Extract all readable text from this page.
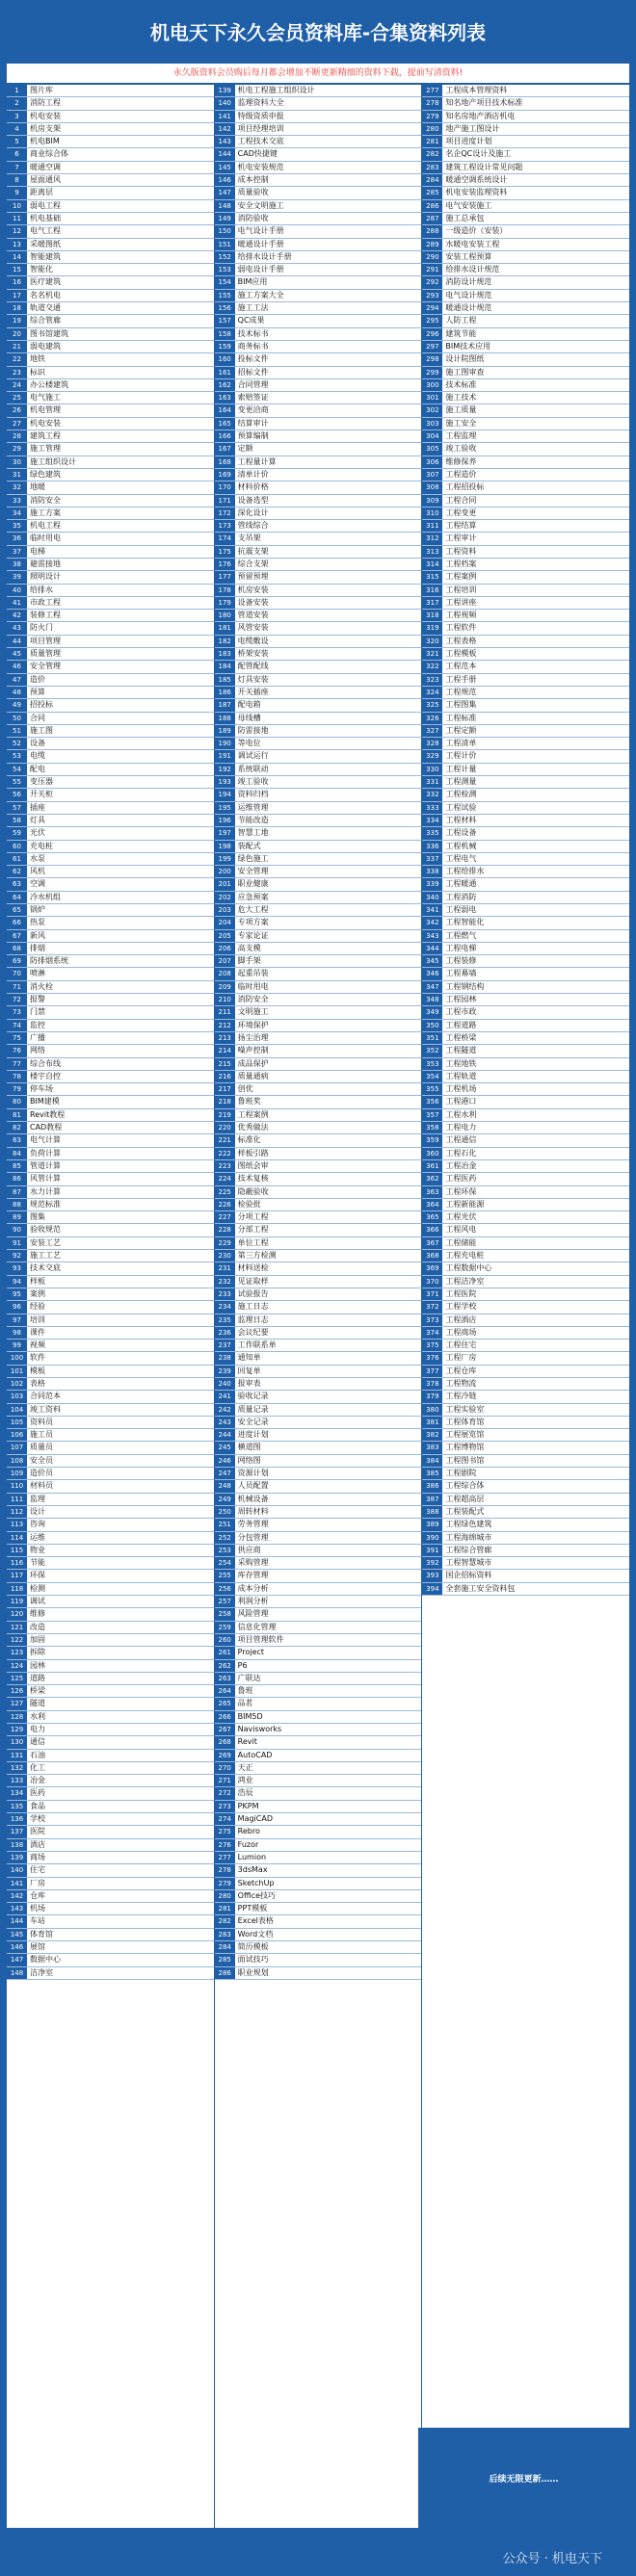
机电天下永久会员资料库-合集资料列表
永久版资料会员购后每月都会增加不断更新精细的资料下载，提前写清资料!
1	图片库
2	消防工程
3	机电安装
4	机房支架
5	机电BIM
6	商业综合体
7	暖通空调
8	屋面通风
9	距离层
10	弱电工程
11	机电基础
12	电气工程
13	采暖图纸
14	智能建筑
15	智能化
16	医疗建筑
17	名名机电
18	轨道交通
19	综合管廊
20	图书馆建筑
21	弱电建筑
22	地铁
23	标识
24	办公楼建筑
25	电气施工
26	机电管理
27	机电安装
28	建筑工程
29	施工管理
30	施工组织设计
31	绿色建筑
32	地暖
33	消防安全
34	施工方案
35	机电工程
36	临时用电
37	电梯
38	避雷接地
39	照明设计
40	给排水
41	市政工程
42	装修工程
43	防火门
44	项目管理
45	质量管理
46	安全管理
47	造价
48	预算
49	招投标
50	合同
51	施工图
52	设备
53	电缆
54	配电
55	变压器
56	开关柜
57	插座
58	灯具
59	光伏
60	充电桩
61	水泵
62	风机
63	空调
64	冷水机组
65	锅炉
66	热泵
67	新风
68	排烟
69	防排烟系统
70	喷淋
71	消火栓
72	报警
73	门禁
74	监控
75	广播
76	网络
77	综合布线
78	楼宇自控
79	停车场
80	BIM建模
81	Revit教程
82	CAD教程
83	电气计算
84	负荷计算
85	管道计算
86	风管计算
87	水力计算
88	规范标准
89	图集
90	验收规范
91	安装工艺
92	施工工艺
93	技术交底
94	样板
95	案例
96	经验
97	培训
98	课件
99	视频
100 软件
101 模板
102 表格
103 合同范本
104 竣工资料
105 资料员
106 施工员
107 质量员
108 安全员
109 造价员
110 材料员
111 监理
112 设计
113 咨询
114 运维
115 物业
116 节能
117 环保
118 检测
119 调试
120 维修
121 改造
122 加固
123 拆除
124 园林
125 道路
126 桥梁
127 隧道
128 水利
129 电力
130 通信
131 石油
132 化工
133 冶金
134 医药
135 食品
136 学校
137 医院
138 酒店
139 商场
140 住宅
141 厂房
142 仓库
143 机场
144 车站
145 体育馆
146 展馆
147 数据中心
148 洁净室
139 机电工程施工组织设计
140 监理资料大全
141 特级资质申报
142 项目经理培训
143 工程技术交底
144 CAD快捷键
145 机电安装规范
146 成本控制
147 质量验收
148 安全文明施工
149 消防验收
150 电气设计手册
151 暖通设计手册
152 给排水设计手册
153 弱电设计手册
154 BIM应用
155 施工方案大全
156 施工工法
157 QC成果
158 技术标书
159 商务标书
160 投标文件
161 招标文件
162 合同管理
163 索赔签证
164 变更洽商
165 结算审计
166 预算编制
167 定额
168 工程量计算
169 清单计价
170 材料价格
171 设备选型
172 深化设计
173 管线综合
174 支吊架
175 抗震支架
176 综合支架
177 预留预埋
178 机房安装
179 设备安装
180 管道安装
181 风管安装
182 电缆敷设
183 桥架安装
184 配管配线
185 灯具安装
186 开关插座
187 配电箱
188 母线槽
189 防雷接地
190 等电位
191 调试运行
192 系统联动
193 竣工验收
194 资料归档
195 运维管理
196 节能改造
197 智慧工地
198 装配式
199 绿色施工
200 安全管理
201 职业健康
202 应急预案
203 危大工程
204 专项方案
205 专家论证
206 高支模
207 脚手架
208 起重吊装
209 临时用电
210 消防安全
211 文明施工
212 环境保护
213 扬尘治理
214 噪声控制
215 成品保护
216 质量通病
217 创优
218 鲁班奖
219 工程案例
220 优秀做法
221 标准化
222 样板引路
223 图纸会审
224 技术复核
225 隐蔽验收
226 检验批
227 分项工程
228 分部工程
229 单位工程
230 第三方检测
231 材料送检
232 见证取样
233 试验报告
234 施工日志
235 监理日志
236 会议纪要
237 工作联系单
238 通知单
239 回复单
240 报审表
241 验收记录
242 质量记录
243 安全记录
244 进度计划
245 横道图
246 网络图
247 资源计划
248 人员配置
249 机械设备
250 周转材料
251 劳务管理
252 分包管理
253 供应商
254 采购管理
255 库存管理
256 成本分析
257 利润分析
258 风险管理
259 信息化管理
260 项目管理软件
261 Project
262 P6
263 广联达
264 鲁班
265 品茗
266 BIM5D
267 Navisworks
268 Revit
269 AutoCAD
270 天正
271 鸿业
272 浩辰
273 PKPM
274 MagiCAD
275 Rebro
276 Fuzor
277 Lumion
278 3dsMax
279 SketchUp
280 Office技巧
281 PPT模板
282 Excel表格
283 Word文档
284 简历模板
285 面试技巧
286 职业规划
277 工程成本管理资料
278 知名地产项目技术标准
279 知名房地产酒店机电
280 地产施工图设计
281 项目进度计划
282 名企QC设计及施工
283 建筑工程设计常见问题
284 暖通空调系统设计
285 机电安装监理资料
286 电气安装施工
287 施工总承包
288 一级造价（安装）
289 水暖电安装工程
290 安装工程预算
291 给排水设计规范
292 消防设计规范
293 电气设计规范
294 暖通设计规范
295 人防工程
296 建筑节能
297 BIM技术应用
298 设计院图纸
299 施工图审查
300 技术标准
301 施工技术
302 施工质量
303 施工安全
304 工程监理
305 竣工验收
306 维修保养
307 工程造价
308 工程招投标
309 工程合同
310 工程变更
311 工程结算
312 工程审计
313 工程资料
314 工程档案
315 工程案例
316 工程培训
317 工程讲座
318 工程视频
319 工程软件
320 工程表格
321 工程模板
322 工程范本
323 工程手册
324 工程规范
325 工程图集
326 工程标准
327 工程定额
328 工程清单
329 工程计价
330 工程计量
331 工程测量
332 工程检测
333 工程试验
334 工程材料
335 工程设备
336 工程机械
337 工程电气
338 工程给排水
339 工程暖通
340 工程消防
341 工程弱电
342 工程智能化
343 工程燃气
344 工程电梯
345 工程装修
346 工程幕墙
347 工程钢结构
348 工程园林
349 工程市政
350 工程道路
351 工程桥梁
352 工程隧道
353 工程地铁
354 工程轨道
355 工程机场
356 工程港口
357 工程水利
358 工程电力
359 工程通信
360 工程石化
361 工程冶金
362 工程医药
363 工程环保
364 工程新能源
365 工程光伏
366 工程风电
367 工程储能
368 工程充电桩
369 工程数据中心
370 工程洁净室
371 工程医院
372 工程学校
373 工程酒店
374 工程商场
375 工程住宅
376 工程厂房
377 工程仓库
378 工程物流
379 工程冷链
380 工程实验室
381 工程体育馆
382 工程展览馆
383 工程博物馆
384 工程图书馆
385 工程剧院
386 工程综合体
387 工程超高层
388 工程装配式
389 工程绿色建筑
390 工程海绵城市
391 工程综合管廊
392 工程智慧城市
393 国企招标资料
394 全套施工安全资料包
后续无限更新……
公众号 · 机电天下
